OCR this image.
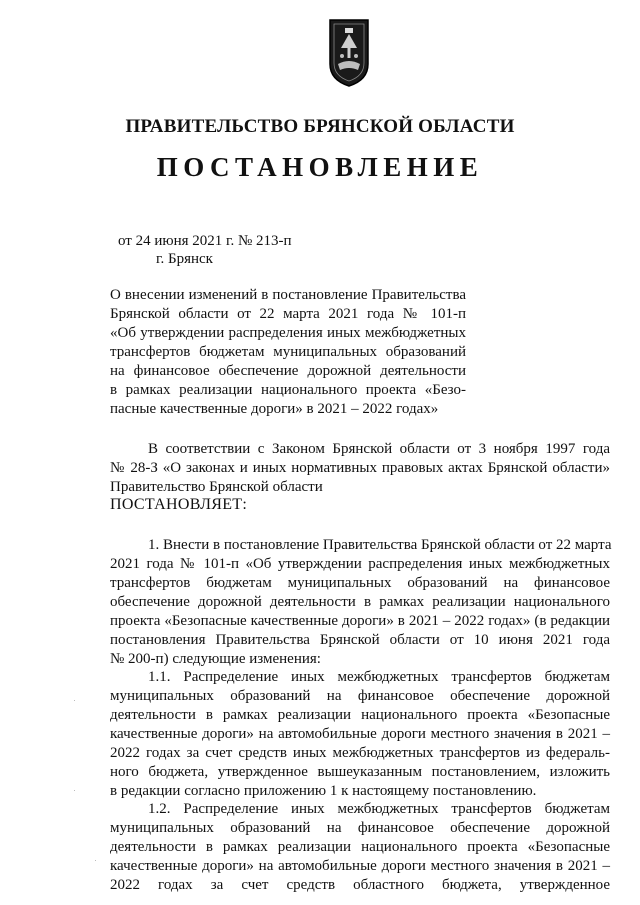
ПРАВИТЕЛЬСТВО БРЯНСКОЙ ОБЛАСТИ
ПОСТАНОВЛЕНИЕ
от 24 июня 2021 г. № 213-п
г. Брянск
О внесении изменений в постановление Правительства
Брянской области от 22 марта 2021 года № 101-п
«Об утверждении распределения иных межбюджетных
трансфертов бюджетам муниципальных образований
на финансовое обеспечение дорожной деятельности
в рамках реализации национального проекта «Безо-
пасные качественные дороги» в 2021 – 2022 годах»
В соответствии с Законом Брянской области от 3 ноября 1997 года
№ 28-З «О законах и иных нормативных правовых актах Брянской области»
Правительство Брянской области
ПОСТАНОВЛЯЕТ:
1. Внести в постановление Правительства Брянской области от 22 марта
2021 года № 101-п «Об утверждении распределения иных межбюджетных
трансфертов бюджетам муниципальных образований на финансовое
обеспечение дорожной деятельности в рамках реализации национального
проекта «Безопасные качественные дороги» в 2021 – 2022 годах» (в редакции
постановления Правительства Брянской области от 10 июня 2021 года
№ 200-п) следующие изменения:
1.1. Распределение иных межбюджетных трансфертов бюджетам
муниципальных образований на финансовое обеспечение дорожной
деятельности в рамках реализации национального проекта «Безопасные
качественные дороги» на автомобильные дороги местного значения в 2021 –
2022 годах за счет средств иных межбюджетных трансфертов из федераль-
ного бюджета, утвержденное вышеуказанным постановлением, изложить
в редакции согласно приложению 1 к настоящему постановлению.
1.2. Распределение иных межбюджетных трансфертов бюджетам
муниципальных образований на финансовое обеспечение дорожной
деятельности в рамках реализации национального проекта «Безопасные
качественные дороги» на автомобильные дороги местного значения в 2021 –
2022 годах за счет средств областного бюджета, утвержденное
